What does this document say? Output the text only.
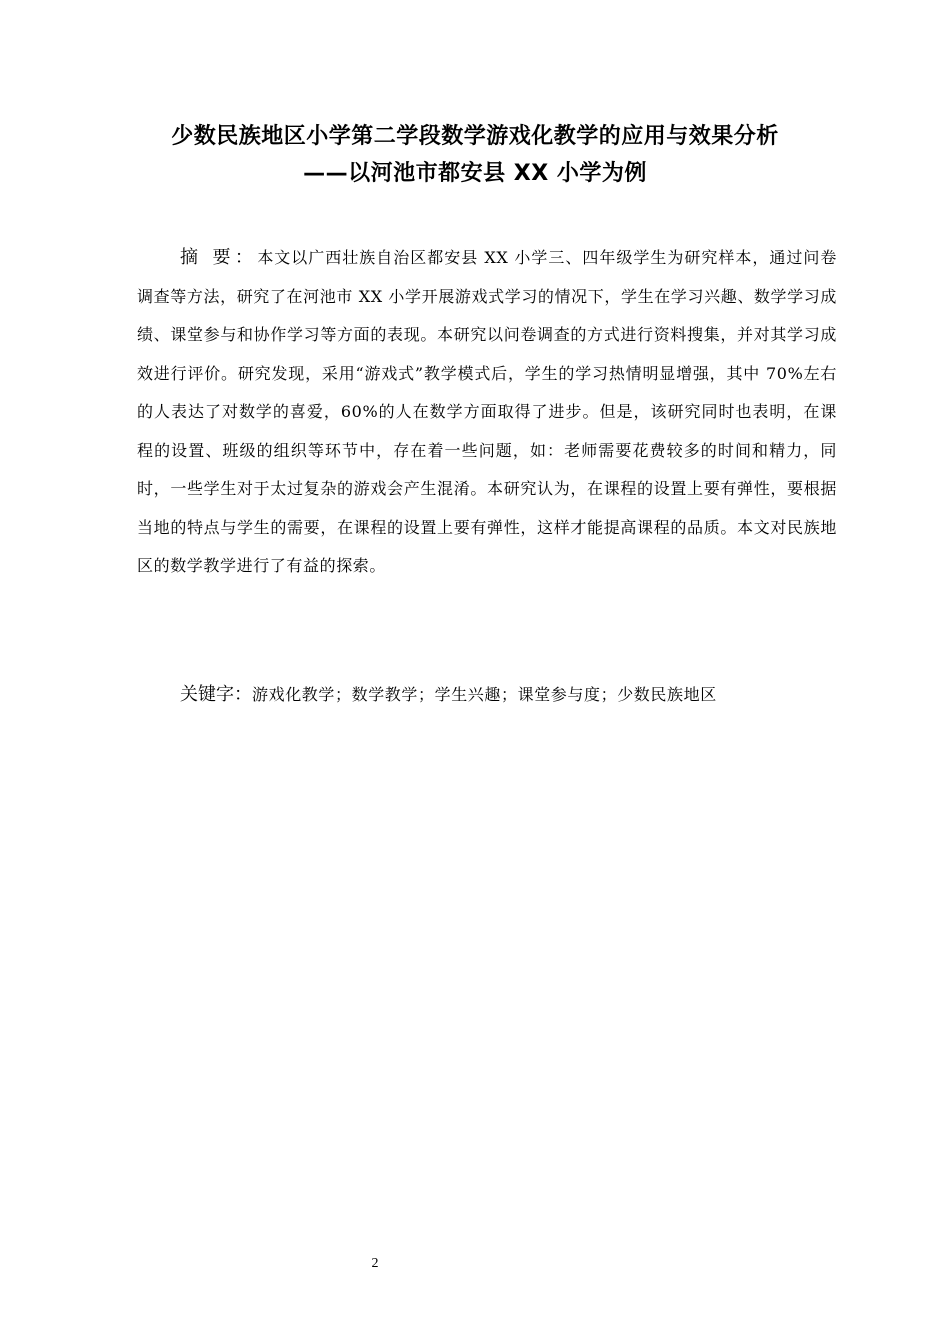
少数民族地区小学第二学段数学游戏化教学的应用与效果分析
——以河池市都安县 XX 小学为例
摘 要：本文以广西壮族自治区都安县 XX 小学三、四年级学生为研究样本，通过问卷调查等方法，研究了在河池市 XX 小学开展游戏式学习的情况下，学生在学习兴趣、数学学习成绩、课堂参与和协作学习等方面的表现。本研究以问卷调查的方式进行资料搜集，并对其学习成效进行评价。研究发现，采用“游戏式”教学模式后，学生的学习热情明显增强，其中 70%左右的人表达了对数学的喜爱，60%的人在数学方面取得了进步。但是，该研究同时也表明，在课程的设置、班级的组织等环节中，存在着一些问题，如：老师需要花费较多的时间和精力，同时，一些学生对于太过复杂的游戏会产生混淆。本研究认为，在课程的设置上要有弹性，要根据当地的特点与学生的需要，在课程的设置上要有弹性，这样才能提高课程的品质。本文对民族地区的数学教学进行了有益的探索。
关键字：游戏化教学；数学教学；学生兴趣；课堂参与度；少数民族地区
2
